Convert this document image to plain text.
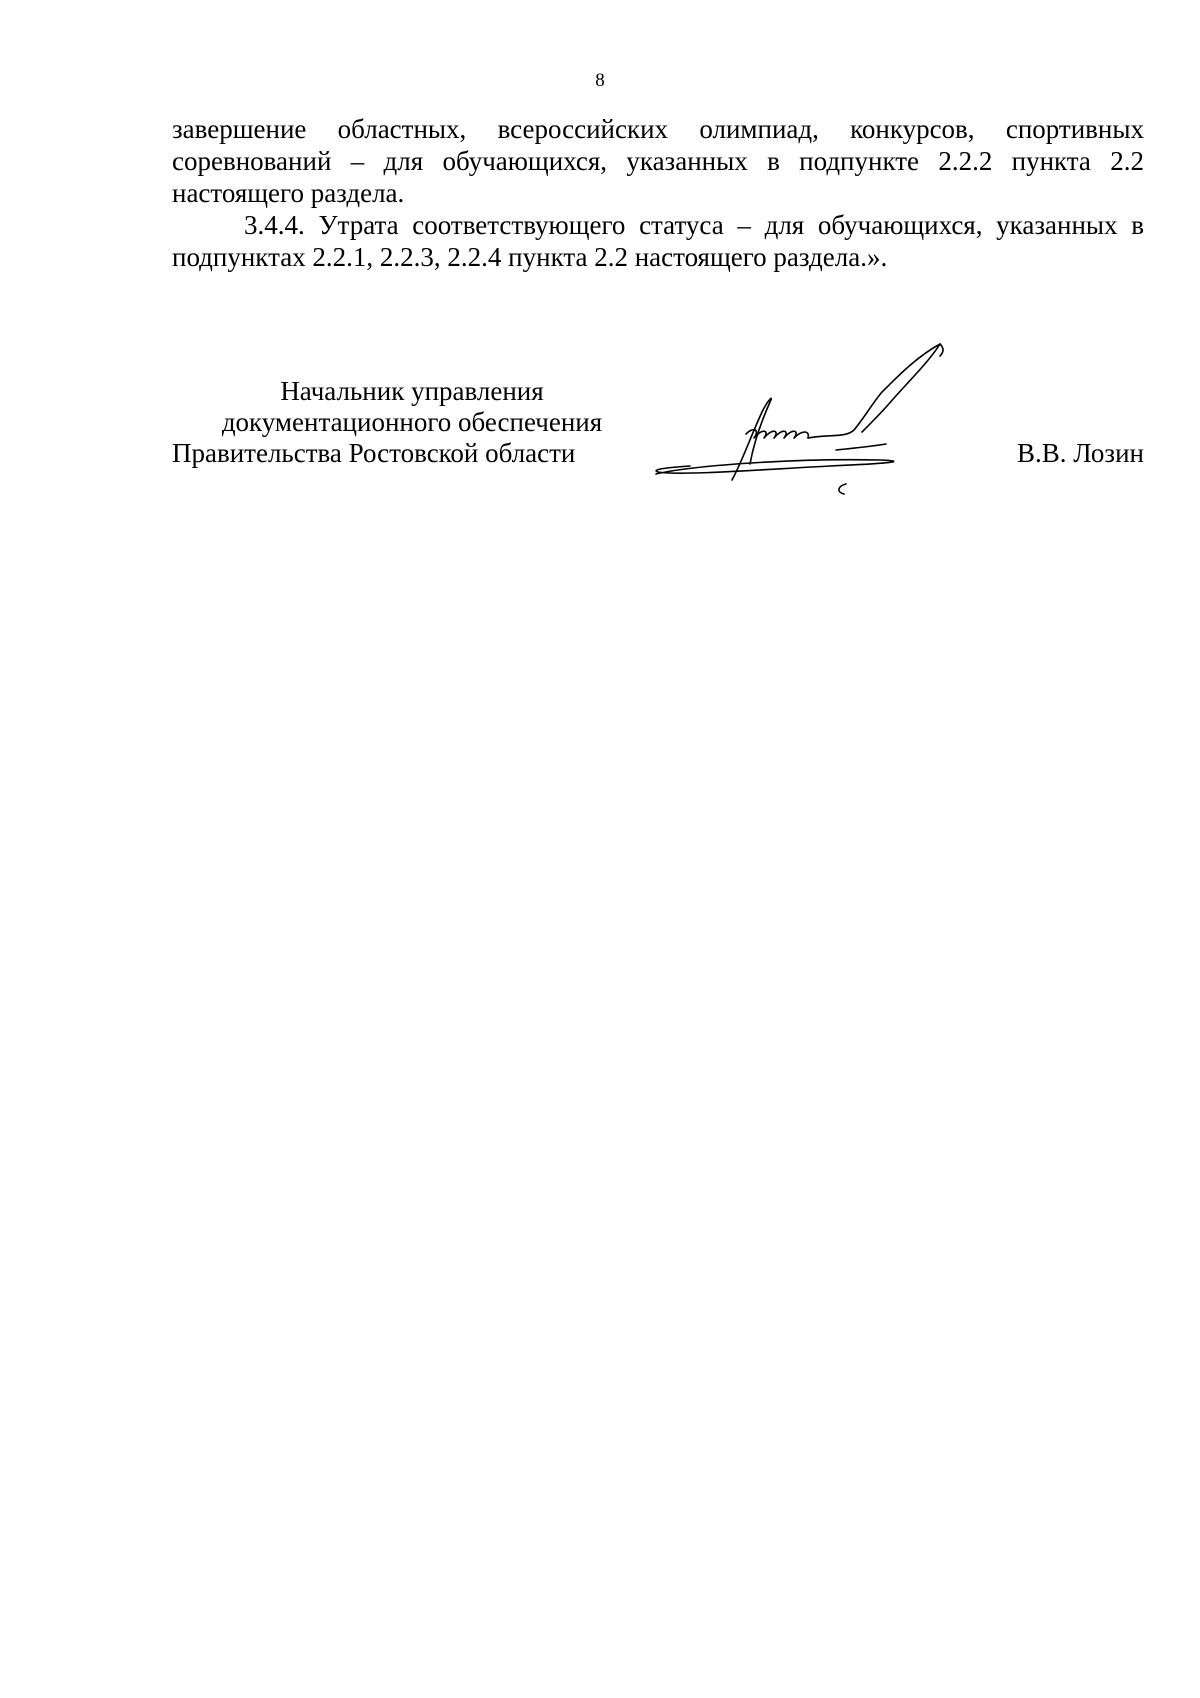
8

завершение областных, всероссийских олимпиад, конкурсов, спортивных соревнований – для обучающихся, указанных в подпункте 2.2.2 пункта 2.2 настоящего раздела.

3.4.4. Утрата соответствующего статуса – для обучающихся, указанных в подпунктах 2.2.1, 2.2.3, 2.2.4 пункта 2.2 настоящего раздела.».

Начальник управления
документационного обеспечения
Правительства Ростовской области	В.В. Лозин
